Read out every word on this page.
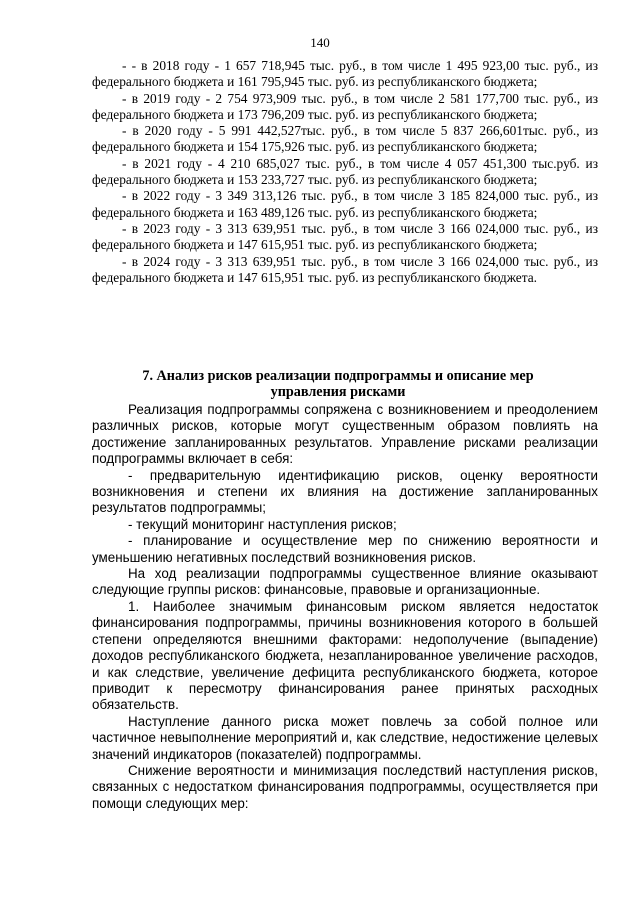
140

- - в 2018 году - 1 657 718,945 тыс. руб., в том числе 1 495 923,00 тыс. руб., из федерального бюджета и 161 795,945 тыс. руб. из республиканского бюджета;

- в 2019 году - 2 754 973,909 тыс. руб., в том числе 2 581 177,700 тыс. руб., из федерального бюджета и 173 796,209 тыс. руб. из республиканского бюджета;

- в 2020 году - 5 991 442,527тыс. руб., в том числе 5 837 266,601тыс. руб., из федерального бюджета и 154 175,926 тыс. руб. из республиканского бюджета;

- в 2021 году - 4 210 685,027 тыс. руб., в том числе 4 057 451,300 тыс.руб. из федерального бюджета и 153 233,727 тыс. руб. из республиканского бюджета;

- в 2022 году - 3 349 313,126 тыс. руб., в том числе 3 185 824,000 тыс. руб., из федерального бюджета и 163 489,126 тыс. руб. из республиканского бюджета;

- в 2023 году - 3 313 639,951 тыс. руб., в том числе 3 166 024,000 тыс. руб., из федерального бюджета и 147 615,951 тыс. руб. из республиканского бюджета;

- в 2024 году - 3 313 639,951 тыс. руб., в том числе 3 166 024,000 тыс. руб., из федерального бюджета и 147 615,951 тыс. руб. из республиканского бюджета.

7. Анализ рисков реализации подпрограммы и описание мер управления рисками

Реализация подпрограммы сопряжена с возникновением и преодолением различных рисков, которые могут существенным образом повлиять на достижение запланированных результатов. Управление рисками реализации подпрограммы включает в себя:

- предварительную идентификацию рисков, оценку вероятности возникновения и степени их влияния на достижение запланированных результатов подпрограммы;

- текущий мониторинг наступления рисков;

- планирование и осуществление мер по снижению вероятности и уменьшению негативных последствий возникновения рисков.

На ход реализации подпрограммы существенное влияние оказывают следующие группы рисков: финансовые, правовые и организационные.

1. Наиболее значимым финансовым риском является недостаток финансирования подпрограммы, причины возникновения которого в большей степени определяются внешними факторами: недополучение (выпадение) доходов республиканского бюджета, незапланированное увеличение расходов, и как следствие, увеличение дефицита республиканского бюджета, которое приводит к пересмотру финансирования ранее принятых расходных обязательств.

Наступление данного риска может повлечь за собой полное или частичное невыполнение мероприятий и, как следствие, недостижение целевых значений индикаторов (показателей) подпрограммы.

Снижение вероятности и минимизация последствий наступления рисков, связанных с недостатком финансирования подпрограммы, осуществляется при помощи следующих мер:
